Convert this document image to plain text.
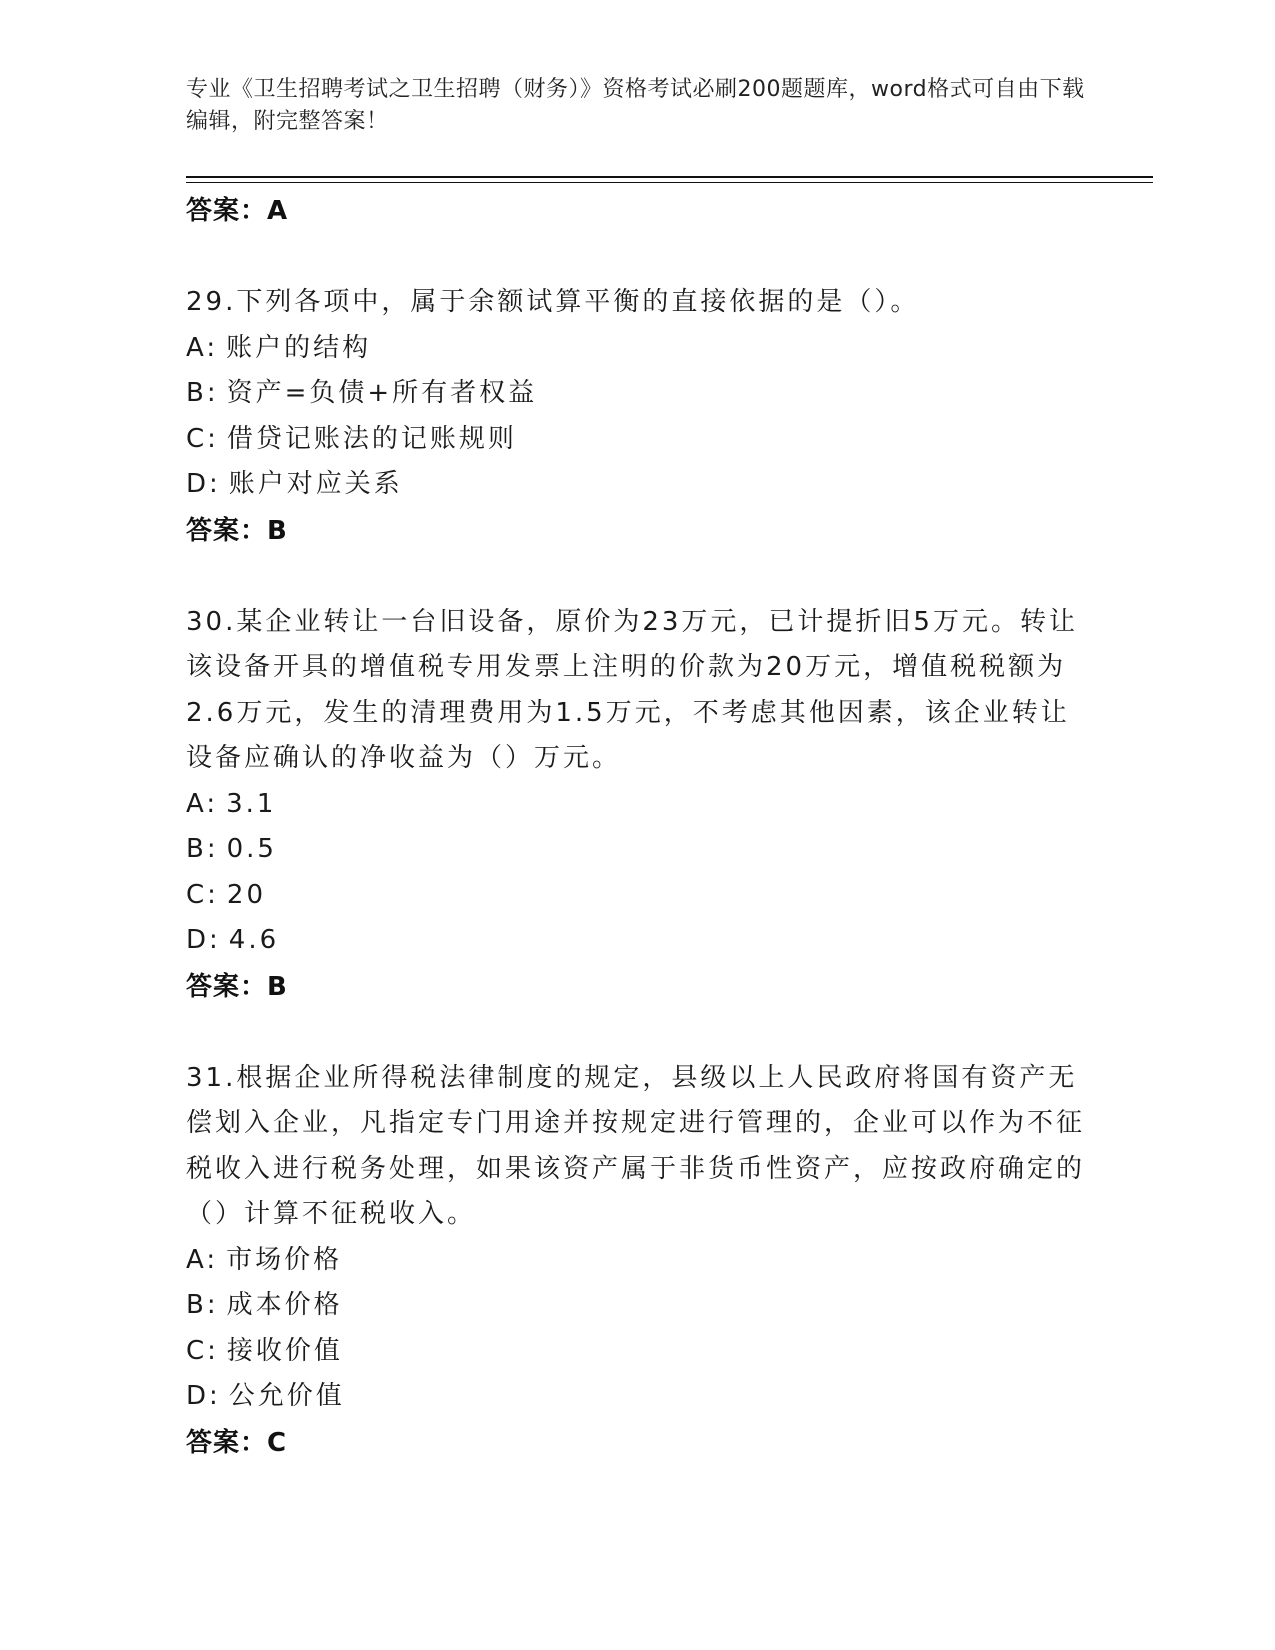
专业《卫生招聘考试之卫生招聘（财务）》资格考试必刷200题题库，word格式可自由下载编辑，附完整答案！
答案：A
29.下列各项中，属于余额试算平衡的直接依据的是（）。
A: 账户的结构
B: 资产=负债+所有者权益
C: 借贷记账法的记账规则
D: 账户对应关系
答案：B
30.某企业转让一台旧设备，原价为23万元，已计提折旧5万元。转让该设备开具的增值税专用发票上注明的价款为20万元，增值税税额为2.6万元，发生的清理费用为1.5万元，不考虑其他因素，该企业转让设备应确认的净收益为（）万元。
A: 3.1
B: 0.5
C: 20
D: 4.6
答案：B
31.根据企业所得税法律制度的规定，县级以上人民政府将国有资产无偿划入企业，凡指定专门用途并按规定进行管理的，企业可以作为不征税收入进行税务处理，如果该资产属于非货币性资产，应按政府确定的（）计算不征税收入。
A: 市场价格
B: 成本价格
C: 接收价值
D: 公允价值
答案：C
